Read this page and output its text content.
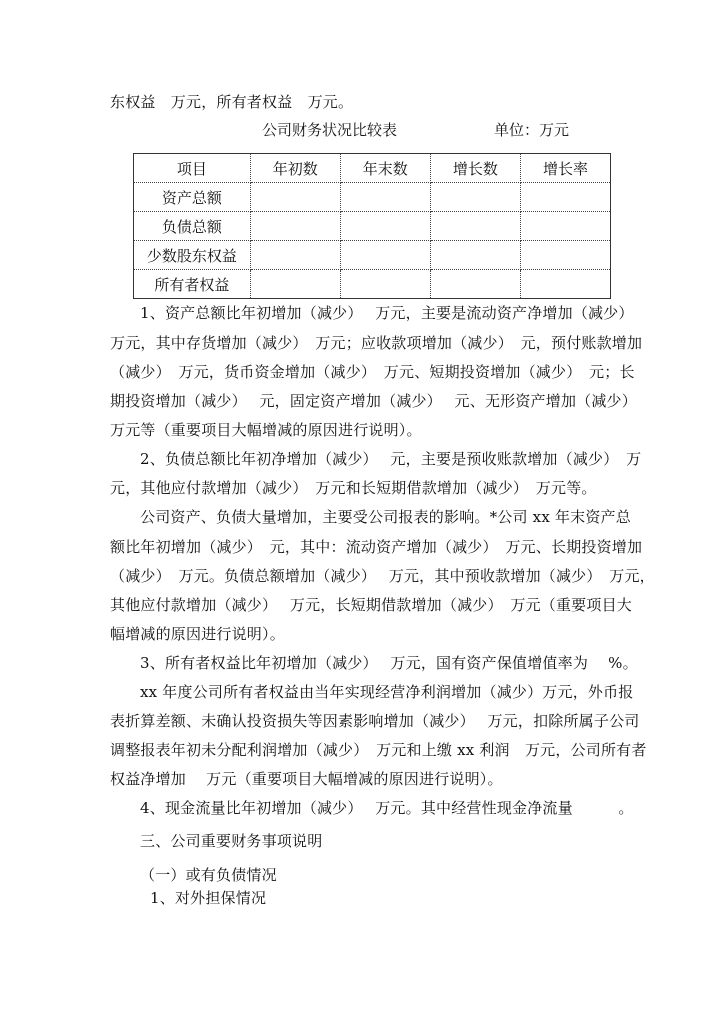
东权益　万元，所有者权益　万元。
公司财务状况比较表	单位：万元
项目	年初数	年末数	增长数	增长率
资产总额				
负债总额				
少数股东权益				
所有者权益				
1、资产总额比年初增加（减少）　 万元，主要是流动资产净增加（减少）
万元，其中存货增加（减少）　万元；应收款项增加（减少）　元，预付账款增加
（减少）　万元，货币资金增加（减少）　万元、短期投资增加（减少）　元；长
期投资增加（减少）　 元，固定资产增加（减少）　 元、无形资产增加（减少）
万元等（重要项目大幅增减的原因进行说明）。
2、负债总额比年初净增加（减少）　 元，主要是预收账款增加（减少）　万
元，其他应付款增加（减少）　万元和长短期借款增加（减少）　万元等。
公司资产、负债大量增加，主要受公司报表的影响。*公司 xx 年末资产总
额比年初增加（减少）　元，其中：流动资产增加（减少）　万元、长期投资增加
（减少）　万元。负债总额增加（减少）　 万元，其中预收款增加（减少）　万元，
其他应付款增加（减少）　 万元，长短期借款增加（减少）　万元（重要项目大
幅增减的原因进行说明）。
3、所有者权益比年初增加（减少）　 万元，国有资产保值增值率为　 %。
xx 年度公司所有者权益由当年实现经营净利润增加（减少）万元，外币报
表折算差额、未确认投资损失等因素影响增加（减少）　 万元，扣除所属子公司
调整报表年初未分配利润增加（减少）　万元和上缴 xx 利润　万元，公司所有者
权益净增加　 万元（重要项目大幅增减的原因进行说明）。
4、现金流量比年初增加（减少）　 万元。其中经营性现金净流量　　　。
三、公司重要财务事项说明
（一）或有负债情况
1、对外担保情况
